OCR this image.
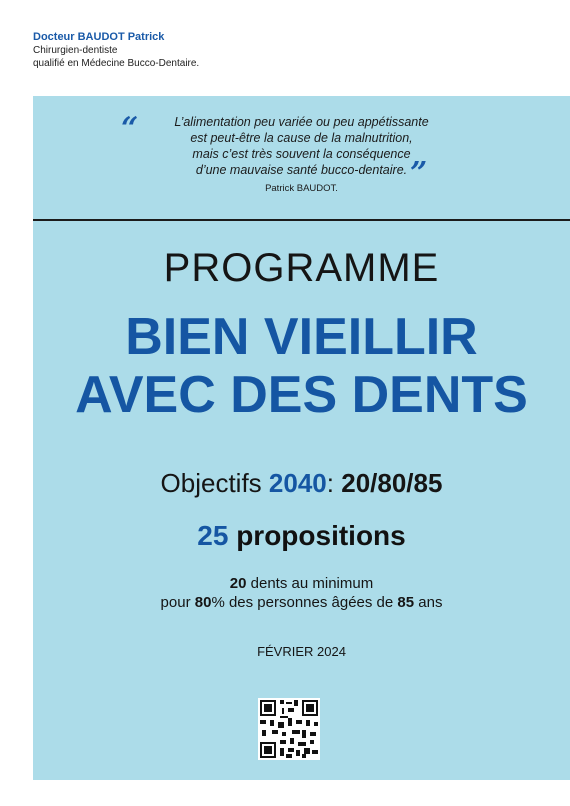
Docteur BAUDOT Patrick
Chirurgien-dentiste
qualifié en Médecine Bucco-Dentaire.
“
”
L’alimentation peu variée ou peu appétissante
est peut-être la cause de la malnutrition,
mais c’est très souvent la conséquence
d’une mauvaise santé bucco-dentaire.
Patrick BAUDOT.
PROGRAMME
BIEN VIEILLIR
AVEC DES DENTS
Objectifs 2040: 20/80/85
25 propositions
20 dents au minimum
pour 80% des personnes âgées de 85 ans
FÉVRIER 2024
